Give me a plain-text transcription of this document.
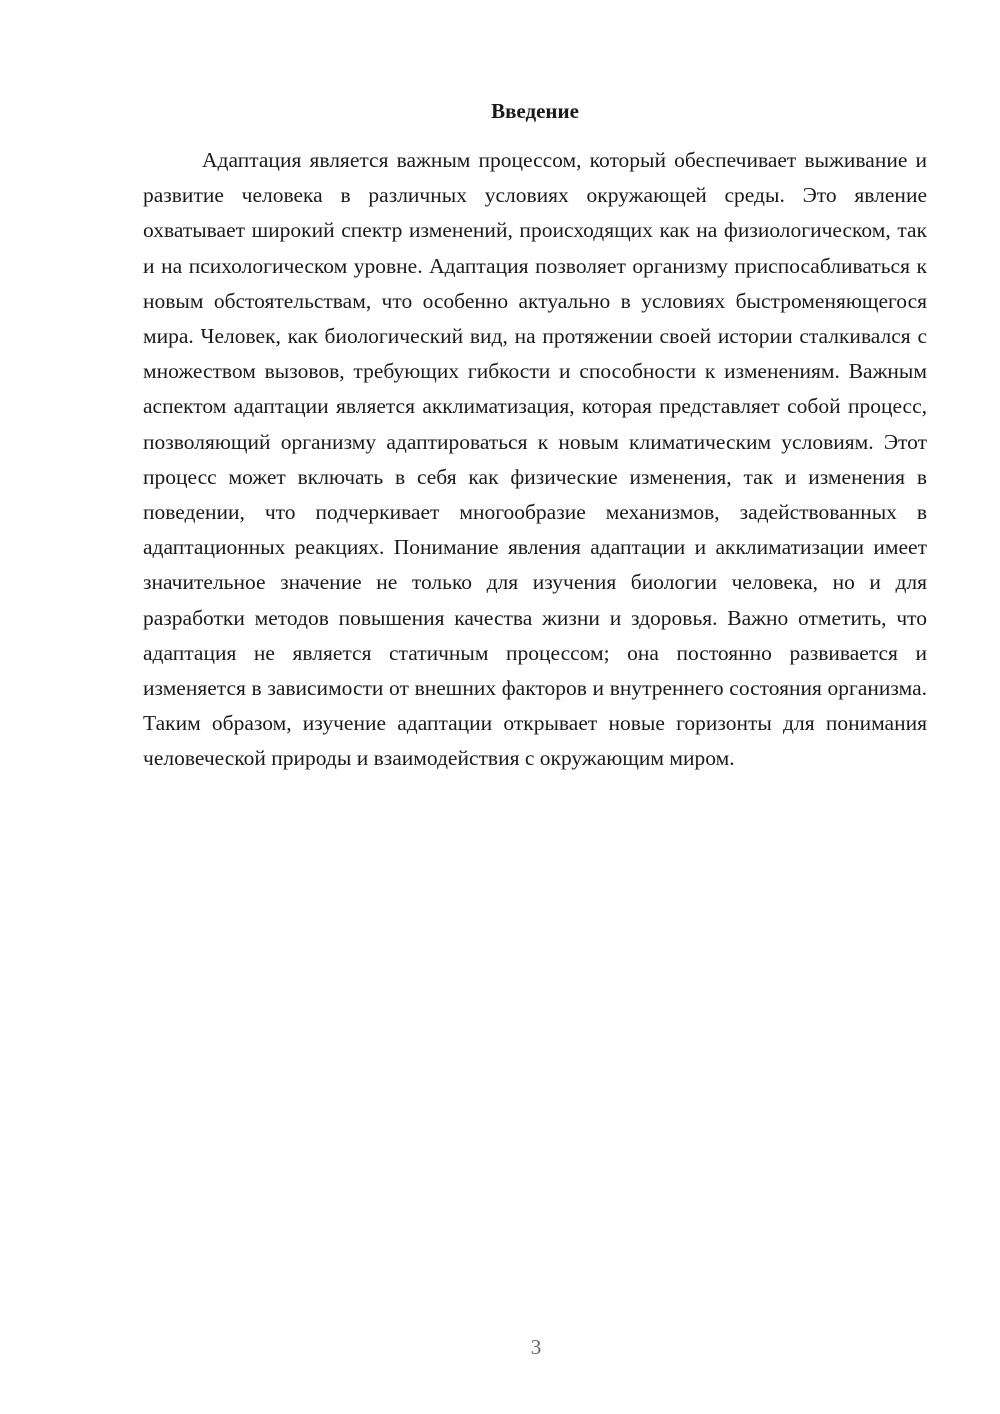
Введение

Адаптация является важным процессом, который обеспечивает выживание и развитие человека в различных условиях окружающей среды. Это явление охватывает широкий спектр изменений, происходящих как на физиологическом, так и на психологическом уровне. Адаптация позволяет организму приспосабливаться к новым обстоятельствам, что особенно актуально в условиях быстроменяющегося мира. Человек, как биологический вид, на протяжении своей истории сталкивался с множеством вызовов, требующих гибкости и способности к изменениям. Важным аспектом адаптации является акклиматизация, которая представляет собой процесс, позволяющий организму адаптироваться к новым климатическим условиям. Этот процесс может включать в себя как физические изменения, так и изменения в поведении, что подчеркивает многообразие механизмов, задействованных в адаптационных реакциях. Понимание явления адаптации и акклиматизации имеет значительное значение не только для изучения биологии человека, но и для разработки методов повышения качества жизни и здоровья. Важно отметить, что адаптация не является статичным процессом; она постоянно развивается и изменяется в зависимости от внешних факторов и внутреннего состояния организма. Таким образом, изучение адаптации открывает новые горизонты для понимания человеческой природы и взаимодействия с окружающим миром.

3
